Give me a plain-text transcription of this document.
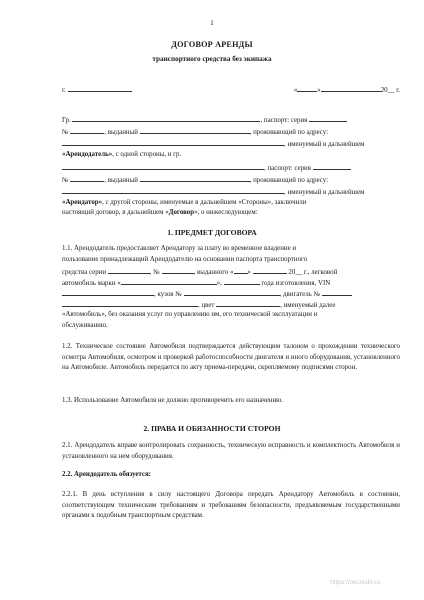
1
ДОГОВОР АРЕНДЫ
транспортного средства без экипажа
г.	«	»	20__ г.
Гр.	, паспорт: серия
№	, выданный	, проживающий по адресу:
, именуемый в дальнейшем
«Арендодатель», с одной стороны, и гр.
, паспорт: серия
№	, выданный	, проживающий по адресу:
, именуемый в дальнейшем
«Арендатор», с другой стороны, именуемые в дальнейшем «Стороны», заключили
настоящий договор, в дальнейшем «Договор», о нижеследующем:
1. ПРЕДМЕТ ДОГОВОРА
1.1. Арендодатель предоставляет Арендатору за плату во временное владение и
пользование принадлежащий Арендодателю на основании паспорта транспортного
средства серии	, №	, выданного « »	20__ г., легковой
автомобиль марки «	»,	года изготовления, VIN
, кузов №	, двигатель №
, цвет	, именуемый далее
«Автомобиль», без оказания услуг по управлению им, его технической эксплуатации и
обслуживанию.
1.2. Техническое состояние Автомобиля подтверждается действующим талоном о прохождении технического осмотра Автомобиля, осмотром и проверкой работоспособности двигателя и иного оборудования, установленного на Автомобиле. Автомобиль передается по акту приема-передачи, скрепляемому подписями сторон.
1.3. Использование Автомобиля не должно противоречить его назначению.
2. ПРАВА И ОБЯЗАННОСТИ СТОРОН
2.1. Арендодатель вправе контролировать сохранность, техническую исправность и комплектность Автомобиля и установленного на нем оборудования.
2.2. Арендодатель обязуется:
2.2.1. В день вступления в силу настоящего Договора передать Арендатору Автомобиль в состоянии, соответствующем техническим требованиям и требованиям безопасности, предъявляемым государственными органами к подобным транспортным средствам.
https://okcredit.ru
